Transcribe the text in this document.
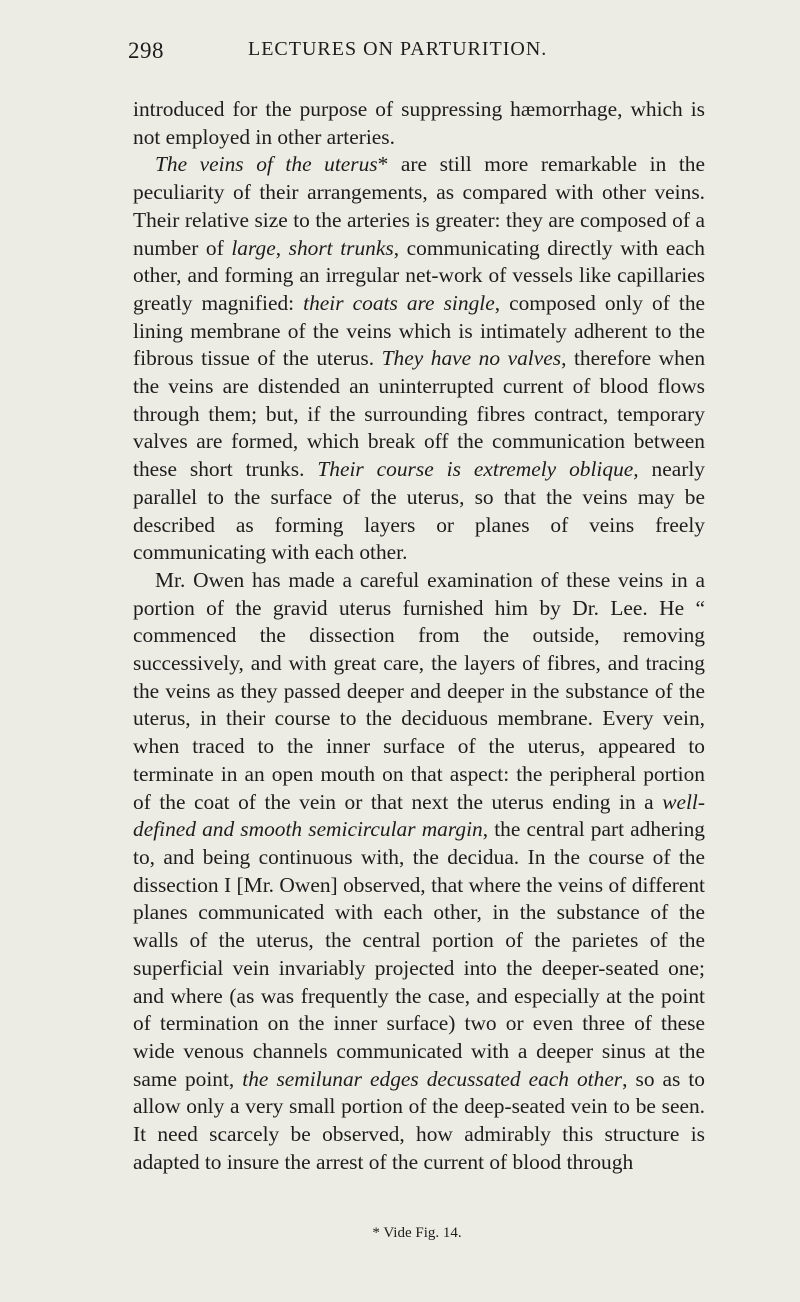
298	LECTURES ON PARTURITION.

introduced for the purpose of suppressing hæmorrhage, which is not employed in other arteries.

The veins of the uterus* are still more remarkable in the peculiarity of their arrangements, as compared with other veins. Their relative size to the arteries is greater: they are composed of a number of large, short trunks, communicating directly with each other, and forming an irregular net-work of vessels like capillaries greatly magnified: their coats are single, composed only of the lining membrane of the veins which is intimately adherent to the fibrous tissue of the uterus. They have no valves, therefore when the veins are distended an uninterrupted current of blood flows through them; but, if the surrounding fibres contract, temporary valves are formed, which break off the communication between these short trunks. Their course is extremely oblique, nearly parallel to the surface of the uterus, so that the veins may be described as forming layers or planes of veins freely communicating with each other.

Mr. Owen has made a careful examination of these veins in a portion of the gravid uterus furnished him by Dr. Lee. He “ commenced the dissection from the outside, removing successively, and with great care, the layers of fibres, and tracing the veins as they passed deeper and deeper in the substance of the uterus, in their course to the deciduous membrane. Every vein, when traced to the inner surface of the uterus, appeared to terminate in an open mouth on that aspect: the peripheral portion of the coat of the vein or that next the uterus ending in a well-defined and smooth semicircular margin, the central part adhering to, and being continuous with, the decidua. In the course of the dissection I [Mr. Owen] observed, that where the veins of different planes communicated with each other, in the substance of the walls of the uterus, the central portion of the parietes of the superficial vein invariably projected into the deeper-seated one; and where (as was frequently the case, and especially at the point of termination on the inner surface) two or even three of these wide venous channels communicated with a deeper sinus at the same point, the semilunar edges decussated each other, so as to allow only a very small portion of the deep-seated vein to be seen. It need scarcely be observed, how admirably this structure is adapted to insure the arrest of the current of blood through

* Vide Fig. 14.
